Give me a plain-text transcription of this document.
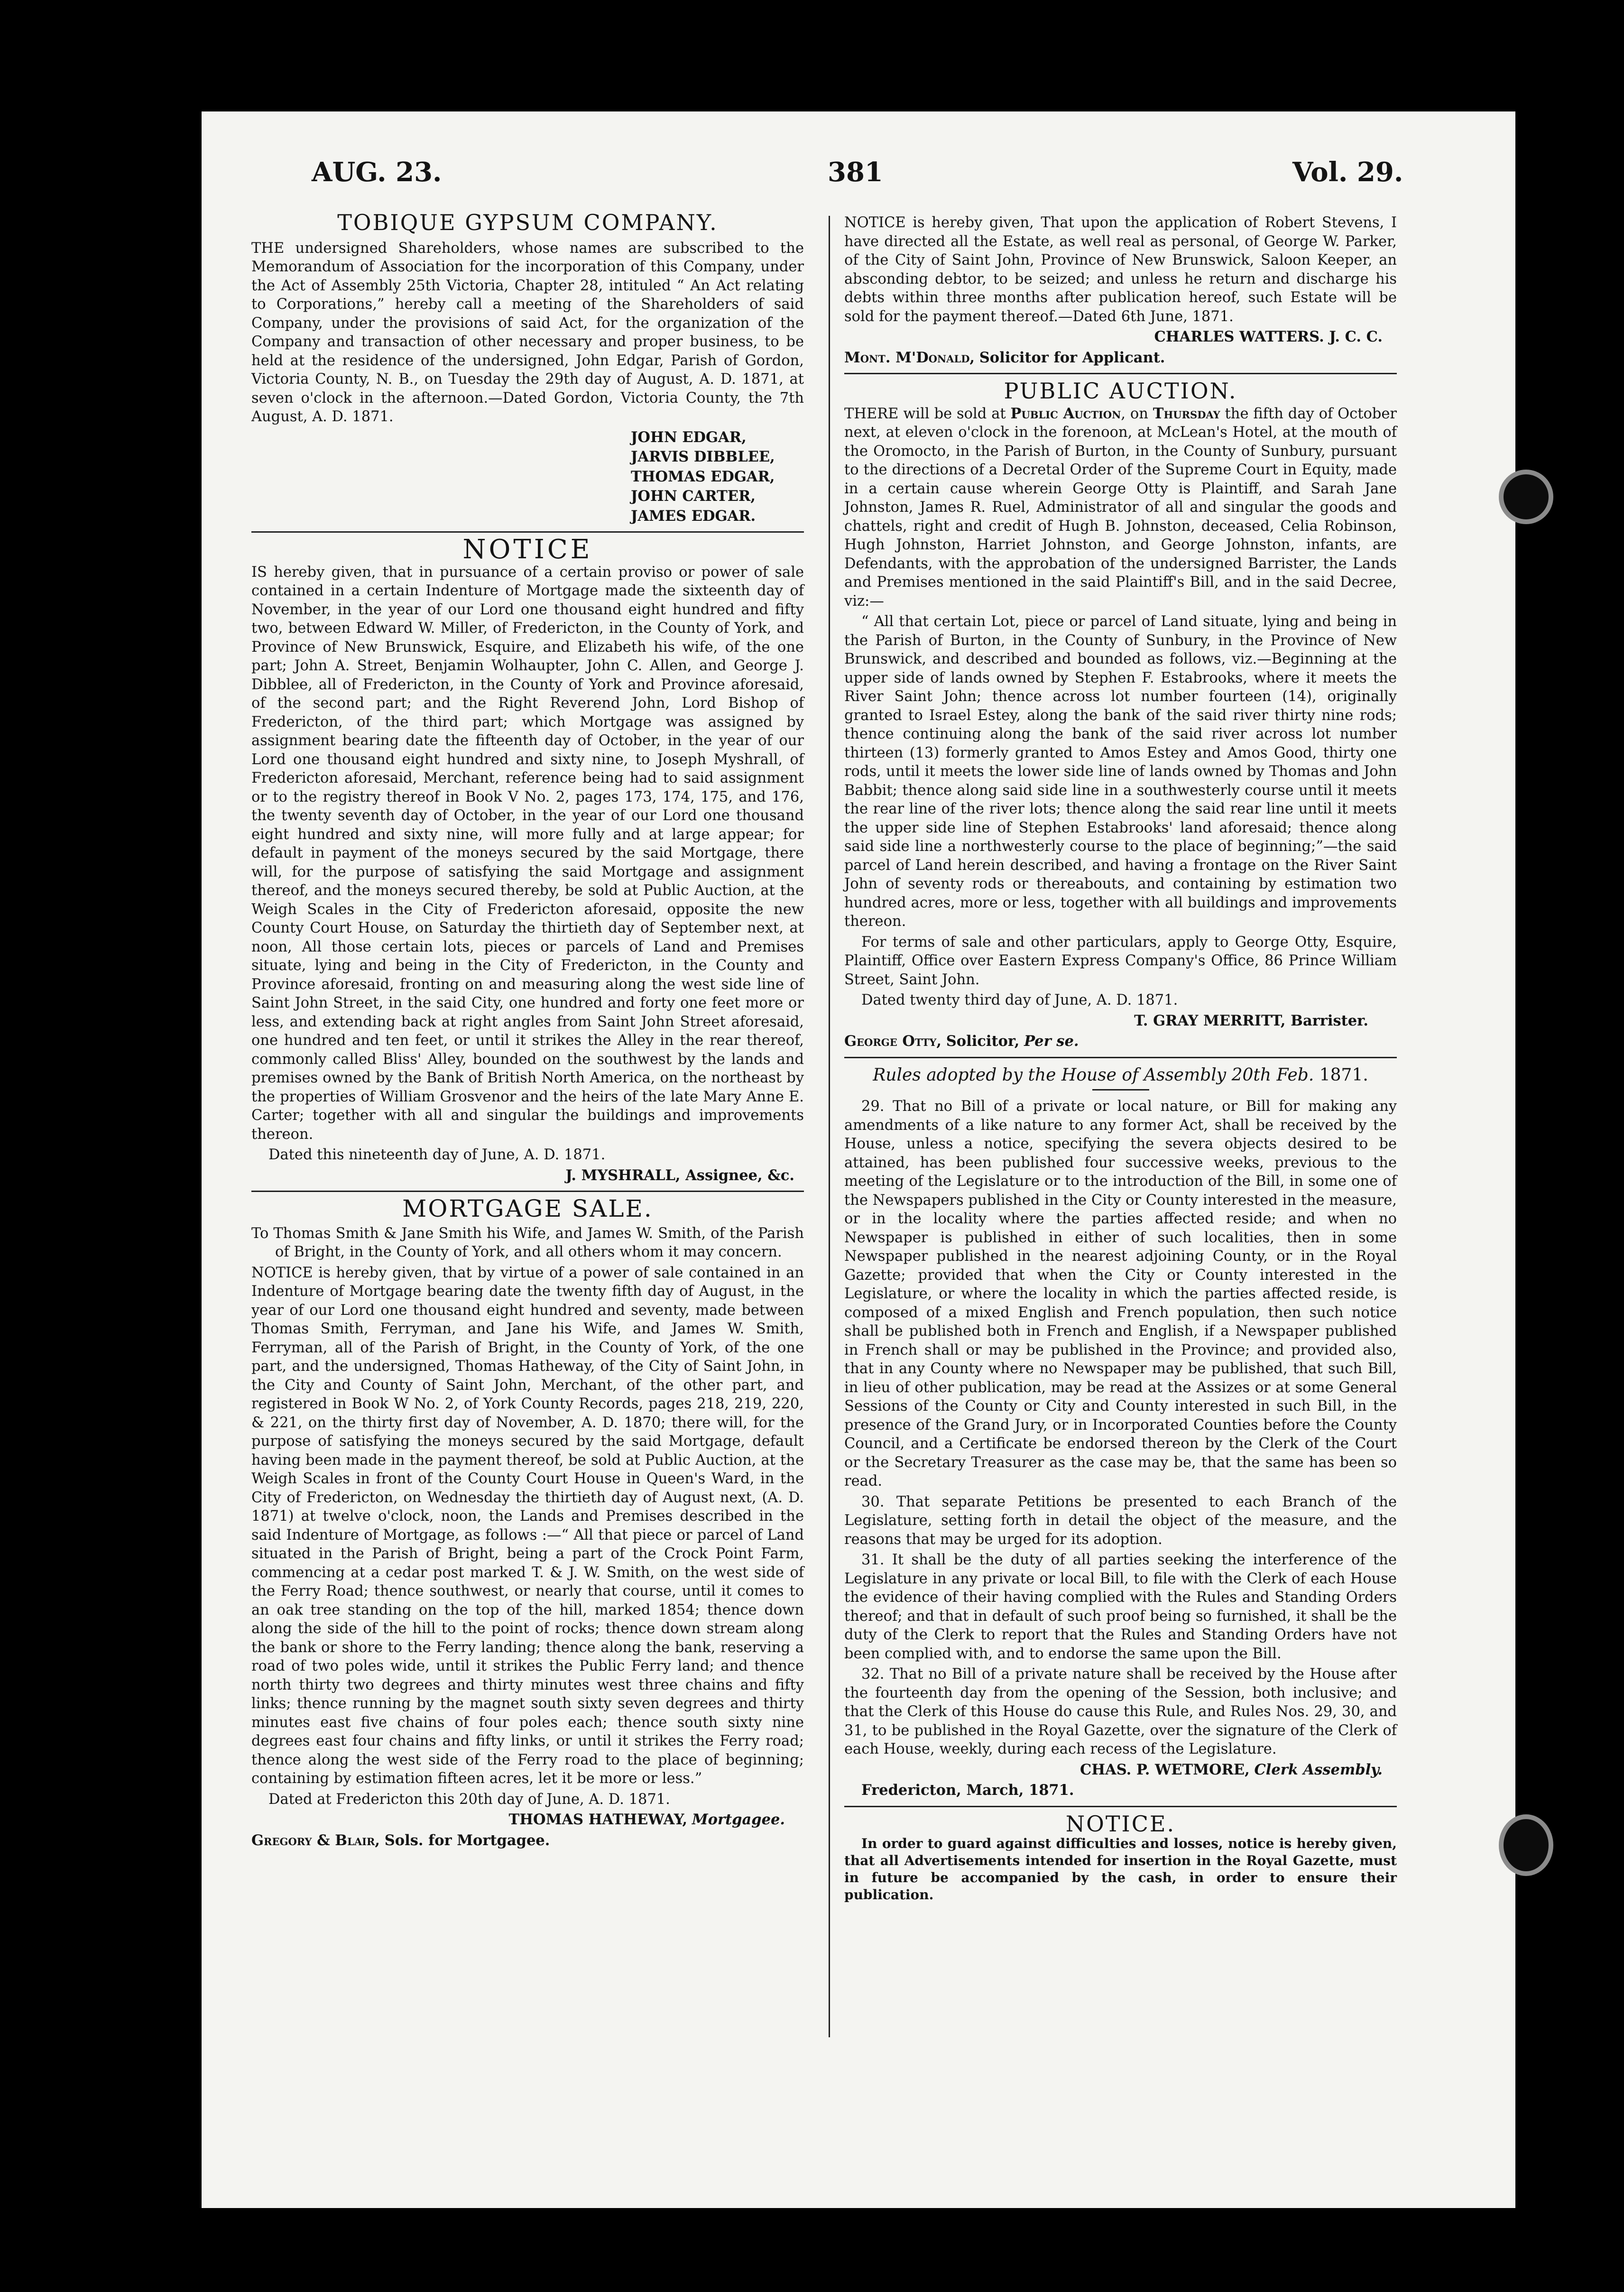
AUG. 23.	381	Vol. 29.
TOBIQUE GYPSUM COMPANY.

THE undersigned Shareholders, whose names are subscribed to the Memorandum of Association for the incorporation of this Company, under the Act of Assembly 25th Victoria, Chapter 28, intituled “ An Act relating to Corporations,” hereby call a meeting of the Shareholders of said Company, under the provisions of said Act, for the organization of the Company and transaction of other necessary and proper business, to be held at the residence of the undersigned, John Edgar, Parish of Gordon, Victoria County, N. B., on Tuesday the 29th day of August, A. D. 1871, at seven o'clock in the afternoon.—Dated Gordon, Victoria County, the 7th August, A. D. 1871.

JOHN EDGAR,
JARVIS DIBBLEE,
THOMAS EDGAR,
JOHN CARTER,
JAMES EDGAR.
NOTICE

IS hereby given, that in pursuance of a certain proviso or power of sale contained in a certain Indenture of Mortgage made the sixteenth day of November, in the year of our Lord one thousand eight hundred and fifty two, between Edward W. Miller, of Fredericton, in the County of York, and Province of New Brunswick, Esquire, and Elizabeth his wife, of the one part; John A. Street, Benjamin Wolhaupter, John C. Allen, and George J. Dibblee, all of Fredericton, in the County of York and Province aforesaid, of the second part; and the Right Reverend John, Lord Bishop of Fredericton, of the third part; which Mortgage was assigned by assignment bearing date the fifteenth day of October, in the year of our Lord one thousand eight hundred and sixty nine, to Joseph Myshrall, of Fredericton aforesaid, Merchant, reference being had to said assignment or to the registry thereof in Book V No. 2, pages 173, 174, 175, and 176, the twenty seventh day of October, in the year of our Lord one thousand eight hundred and sixty nine, will more fully and at large appear; for default in payment of the moneys secured by the said Mortgage, there will, for the purpose of satisfying the said Mortgage and assignment thereof, and the moneys secured thereby, be sold at Public Auction, at the Weigh Scales in the City of Fredericton aforesaid, opposite the new County Court House, on Saturday the thirtieth day of September next, at noon, All those certain lots, pieces or parcels of Land and Premises situate, lying and being in the City of Fredericton, in the County and Province aforesaid, fronting on and measuring along the west side line of Saint John Street, in the said City, one hundred and forty one feet more or less, and extending back at right angles from Saint John Street aforesaid, one hundred and ten feet, or until it strikes the Alley in the rear thereof, commonly called Bliss' Alley, bounded on the southwest by the lands and premises owned by the Bank of British North America, on the northeast by the properties of William Grosvenor and the heirs of the late Mary Anne E. Carter; together with all and singular the buildings and improvements thereon.

Dated this nineteenth day of June, A. D. 1871.

J. MYSHRALL, Assignee, &c.

MORTGAGE SALE.

To Thomas Smith & Jane Smith his Wife, and James W. Smith, of the Parish of Bright, in the County of York, and all others whom it may concern.

NOTICE is hereby given, that by virtue of a power of sale contained in an Indenture of Mortgage bearing date the twenty fifth day of August, in the year of our Lord one thousand eight hundred and seventy, made between Thomas Smith, Ferryman, and Jane his Wife, and James W. Smith, Ferryman, all of the Parish of Bright, in the County of York, of the one part, and the undersigned, Thomas Hatheway, of the City of Saint John, in the City and County of Saint John, Merchant, of the other part, and registered in Book W No. 2, of York County Records, pages 218, 219, 220, & 221, on the thirty first day of November, A. D. 1870; there will, for the purpose of satisfying the moneys secured by the said Mortgage, default having been made in the payment thereof, be sold at Public Auction, at the Weigh Scales in front of the County Court House in Queen's Ward, in the City of Fredericton, on Wednesday the thirtieth day of August next, (A. D. 1871) at twelve o'clock, noon, the Lands and Premises described in the said Indenture of Mortgage, as follows :—“ All that piece or parcel of Land situated in the Parish of Bright, being a part of the Crock Point Farm, commencing at a cedar post marked T. & J. W. Smith, on the west side of the Ferry Road; thence southwest, or nearly that course, until it comes to an oak tree standing on the top of the hill, marked 1854; thence down along the side of the hill to the point of rocks; thence down stream along the bank or shore to the Ferry landing; thence along the bank, reserving a road of two poles wide, until it strikes the Public Ferry land; and thence north thirty two degrees and thirty minutes west three chains and fifty links; thence running by the magnet south sixty seven degrees and thirty minutes east five chains of four poles each; thence south sixty nine degrees east four chains and fifty links, or until it strikes the Ferry road; thence along the west side of the Ferry road to the place of beginning; containing by estimation fifteen acres, let it be more or less.”

Dated at Fredericton this 20th day of June, A. D. 1871.

THOMAS HATHEWAY, Mortgagee.

Gregory & Blair, Sols. for Mortgagee.

NOTICE is hereby given, That upon the application of Robert Stevens, I have directed all the Estate, as well real as personal, of George W. Parker, of the City of Saint John, Province of New Brunswick, Saloon Keeper, an absconding debtor, to be seized; and unless he return and discharge his debts within three months after publication hereof, such Estate will be sold for the payment thereof.—Dated 6th June, 1871.

CHARLES WATTERS. J. C. C.

Mont. M'Donald, Solicitor for Applicant.

PUBLIC AUCTION.

THERE will be sold at Public Auction, on Thursday the fifth day of October next, at eleven o'clock in the forenoon, at McLean's Hotel, at the mouth of the Oromocto, in the Parish of Burton, in the County of Sunbury, pursuant to the directions of a Decretal Order of the Supreme Court in Equity, made in a certain cause wherein George Otty is Plaintiff, and Sarah Jane Johnston, James R. Ruel, Administrator of all and singular the goods and chattels, right and credit of Hugh B. Johnston, deceased, Celia Robinson, Hugh Johnston, Harriet Johnston, and George Johnston, infants, are Defendants, with the approbation of the undersigned Barrister, the Lands and Premises mentioned in the said Plaintiff's Bill, and in the said Decree, viz:—

“ All that certain Lot, piece or parcel of Land situate, lying and being in the Parish of Burton, in the County of Sunbury, in the Province of New Brunswick, and described and bounded as follows, viz.—Beginning at the upper side of lands owned by Stephen F. Estabrooks, where it meets the River Saint John; thence across lot number fourteen (14), originally granted to Israel Estey, along the bank of the said river thirty nine rods; thence continuing along the bank of the said river across lot number thirteen (13) formerly granted to Amos Estey and Amos Good, thirty one rods, until it meets the lower side line of lands owned by Thomas and John Babbit; thence along said side line in a southwesterly course until it meets the rear line of the river lots; thence along the said rear line until it meets the upper side line of Stephen Estabrooks' land aforesaid; thence along said side line a northwesterly course to the place of beginning;”—the said parcel of Land herein described, and having a frontage on the River Saint John of seventy rods or thereabouts, and containing by estimation two hundred acres, more or less, together with all buildings and improvements thereon.

For terms of sale and other particulars, apply to George Otty, Esquire, Plaintiff, Office over Eastern Express Company's Office, 86 Prince William Street, Saint John.

Dated twenty third day of June, A. D. 1871.

T. GRAY MERRITT, Barrister.

George Otty, Solicitor, Per se.

Rules adopted by the House of Assembly 20th Feb. 1871.

29. That no Bill of a private or local nature, or Bill for making any amendments of a like nature to any former Act, shall be received by the House, unless a notice, specifying the severa objects desired to be attained, has been published four successive weeks, previous to the meeting of the Legislature or to the introduction of the Bill, in some one of the Newspapers published in the City or County interested in the measure, or in the locality where the parties affected reside; and when no Newspaper is published in either of such localities, then in some Newspaper published in the nearest adjoining County, or in the Royal Gazette; provided that when the City or County interested in the Legislature, or where the locality in which the parties affected reside, is composed of a mixed English and French population, then such notice shall be published both in French and English, if a Newspaper published in French shall or may be published in the Province; and provided also, that in any County where no Newspaper may be published, that such Bill, in lieu of other publication, may be read at the Assizes or at some General Sessions of the County or City and County interested in such Bill, in the presence of the Grand Jury, or in Incorporated Counties before the County Council, and a Certificate be endorsed thereon by the Clerk of the Court or the Secretary Treasurer as the case may be, that the same has been so read.

30. That separate Petitions be presented to each Branch of the Legislature, setting forth in detail the object of the measure, and the reasons that may be urged for its adoption.

31. It shall be the duty of all parties seeking the interference of the Legislature in any private or local Bill, to file with the Clerk of each House the evidence of their having complied with the Rules and Standing Orders thereof; and that in default of such proof being so furnished, it shall be the duty of the Clerk to report that the Rules and Standing Orders have not been complied with, and to endorse the same upon the Bill.

32. That no Bill of a private nature shall be received by the House after the fourteenth day from the opening of the Session, both inclusive; and that the Clerk of this House do cause this Rule, and Rules Nos. 29, 30, and 31, to be published in the Royal Gazette, over the signature of the Clerk of each House, weekly, during each recess of the Legislature.

CHAS. P. WETMORE, Clerk Assembly.

Fredericton, March, 1871.

NOTICE.

In order to guard against difficulties and losses, notice is hereby given, that all Advertisements intended for insertion in the Royal Gazette, must in future be accompanied by the cash, in order to ensure their publication.
